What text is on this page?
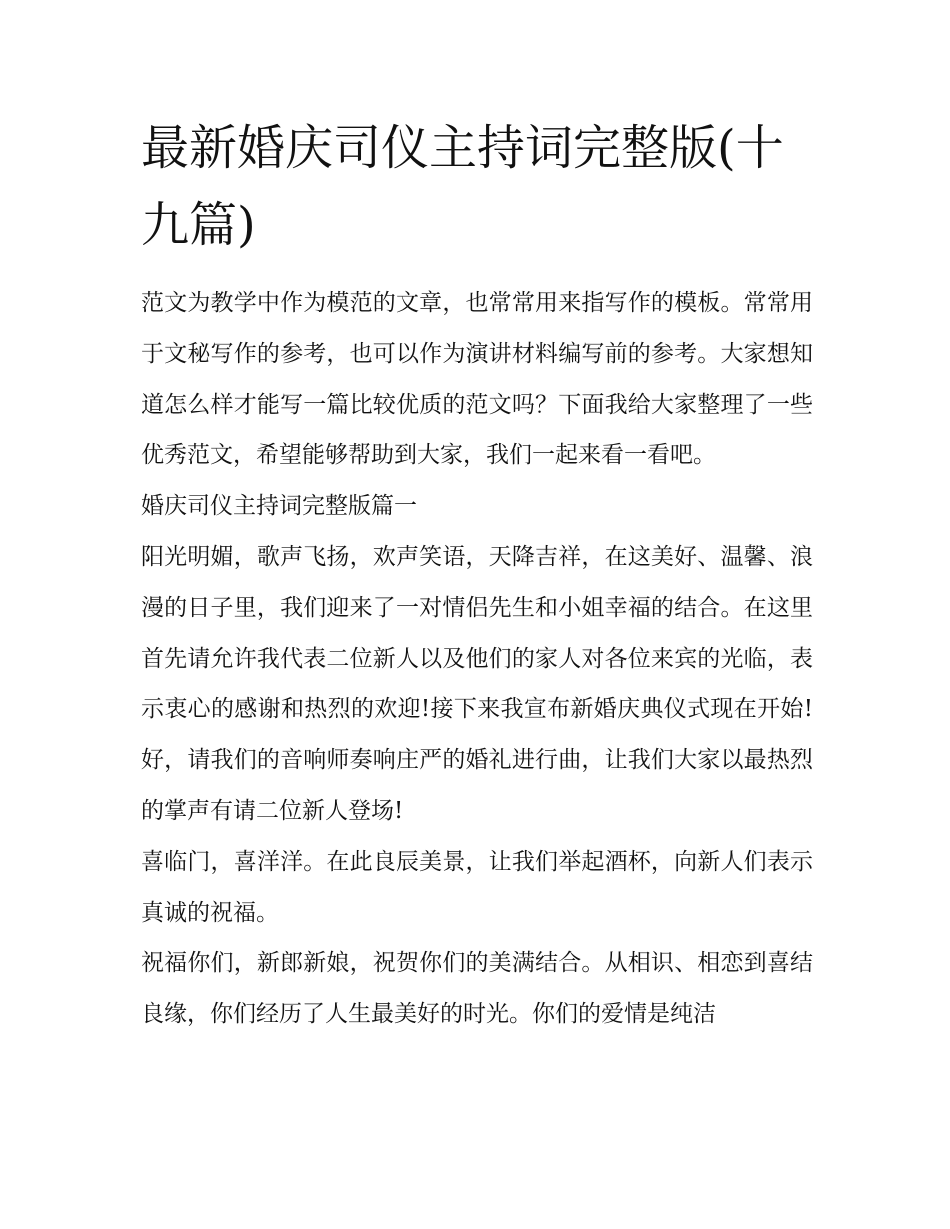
最新婚庆司仪主持词完整版(十九篇)

范文为教学中作为模范的文章，也常常用来指写作的模板。常常用于文秘写作的参考，也可以作为演讲材料编写前的参考。大家想知道怎么样才能写一篇比较优质的范文吗？下面我给大家整理了一些优秀范文，希望能够帮助到大家，我们一起来看一看吧。

婚庆司仪主持词完整版篇一

阳光明媚，歌声飞扬，欢声笑语，天降吉祥，在这美好、温馨、浪漫的日子里，我们迎来了一对情侣先生和小姐幸福的结合。在这里首先请允许我代表二位新人以及他们的家人对各位来宾的光临，表示衷心的感谢和热烈的欢迎!接下来我宣布新婚庆典仪式现在开始!好，请我们的音响师奏响庄严的婚礼进行曲，让我们大家以最热烈的掌声有请二位新人登场!

喜临门，喜洋洋。在此良辰美景，让我们举起酒杯，向新人们表示真诚的祝福。

祝福你们，新郎新娘，祝贺你们的美满结合。从相识、相恋到喜结良缘，你们经历了人生最美好的时光。你们的爱情是纯洁
